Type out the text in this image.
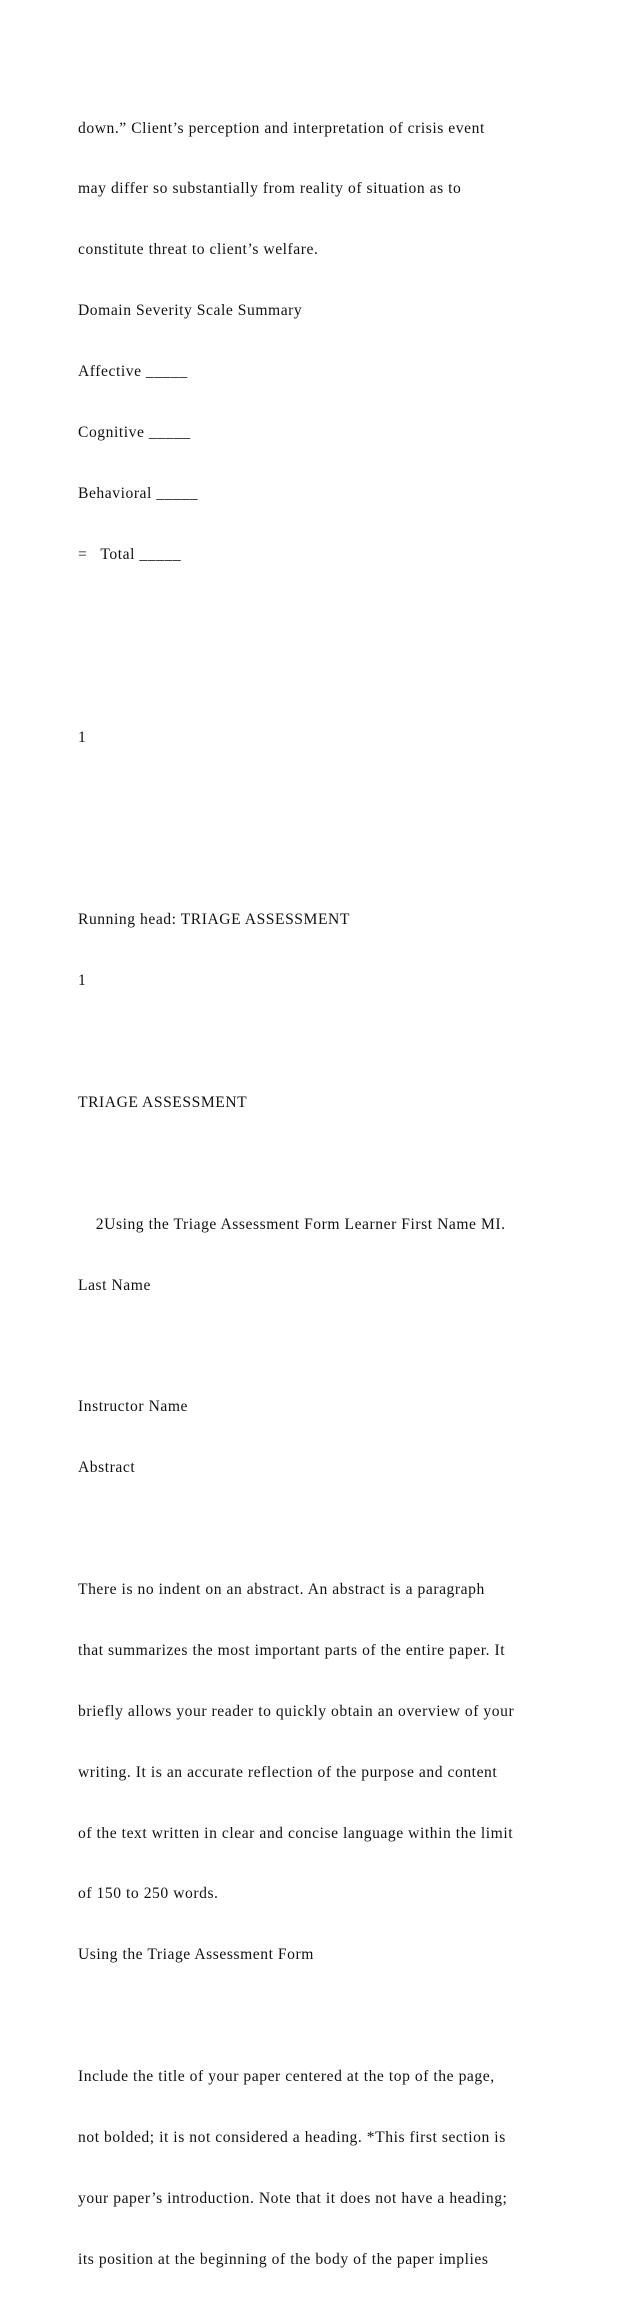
down.” Client’s perception and interpretation of crisis event

may differ so substantially from reality of situation as to

constitute threat to client’s welfare.

Domain Severity Scale Summary

Affective _____

Cognitive _____

Behavioral _____

=   Total _____

1

Running head: TRIAGE ASSESSMENT

1

TRIAGE ASSESSMENT

2Using the Triage Assessment Form Learner First Name MI.

Last Name

Instructor Name

Abstract

There is no indent on an abstract. An abstract is a paragraph

that summarizes the most important parts of the entire paper. It

briefly allows your reader to quickly obtain an overview of your

writing. It is an accurate reflection of the purpose and content

of the text written in clear and concise language within the limit

of 150 to 250 words.

Using the Triage Assessment Form

Include the title of your paper centered at the top of the page,

not bolded; it is not considered a heading. *This first section is

your paper’s introduction. Note that it does not have a heading;

its position at the beginning of the body of the paper implies
